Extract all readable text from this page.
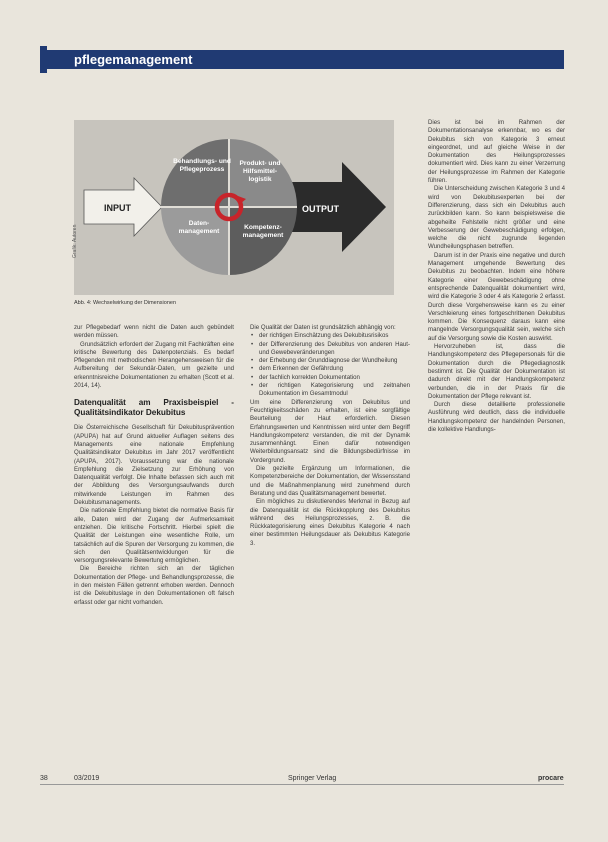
pflegemanagement
INPUT	OUTPUT
Behandlungs- und Pflegeprozess
Produkt- und Hilfsmittel- logistik
Daten- management
Kompetenz- management
Grafik: Autoren
Abb. 4: Wechselwirkung der Dimensionen

zur Pflegebedarf wenn nicht die Daten auch gebündelt werden müssen.

Grundsätzlich erfordert der Zugang mit Fachkräften eine kritische Bewertung des Datenpotenzials. Es bedarf Pflegenden mit methodischen Herangehensweisen für die Aufbereitung der Sekundär-Daten, um gezielte und erkenntnisreiche Dokumentationen zu erhalten (Scott et al. 2014, 14).

Datenqualität am Praxisbeispiel - Qualitätsindikator Dekubitus

Die Österreichische Gesellschaft für Dekubitusprävention (APUPA) hat auf Grund aktueller Auflagen seitens des Managements eine nationale Empfehlung Qualitätsindikator Dekubitus im Jahr 2017 veröffentlicht (APUPA, 2017). Voraussetzung war die nationale Empfehlung die Zielsetzung zur Erhöhung von Datenqualität verfolgt. Die Inhalte befassen sich auch mit der Abbildung des Versorgungsaufwands durch mitwirkende Leistungen im Rahmen des Dekubitusmanagements.

Die nationale Empfehlung bietet die normative Basis für alle, Daten wird der Zugang der Aufmerksamkeit entziehen. Die kritische Fortschritt. Hierbei spielt die Qualität der Leistungen eine wesentliche Rolle, um tatsächlich auf die Spuren der Versorgung zu kommen, die sich den Qualitätsentwicklungen für die versorgungsrelevante Bewertung ermöglichen.

Die Bereiche richten sich an der täglichen Dokumentation der Pflege- und Behandlungsprozesse, die in den meisten Fällen getrennt erhoben werden. Dennoch ist die Dekubituslage in den Dokumentationen oft falsch erfasst oder gar nicht vorhanden.

Die Qualität der Daten ist grundsätzlich abhängig von:

• der richtigen Einschätzung des Dekubitusrisikos
• der Differenzierung des Dekubitus von anderen Haut- und Gewebeveränderungen
• der Erhebung der Grunddiagnose der Wundheilung
• dem Erkennen der Gefährdung
• der fachlich korrekten Dokumentation
• der richtigen Kategorisierung und zeitnahen Dokumentation im Gesamtmodul

Um eine Differenzierung von Dekubitus und Feuchtigkeitsschäden zu erhalten, ist eine sorgfältige Beurteilung der Haut erforderlich. Diesen Erfahrungswerten und Kenntnissen wird unter dem Begriff Handlungskompetenz verstanden, die mit der Dynamik zusammenhängt. Einen dafür notwendigen Weiterbildungsansatz sind die Bildungsbedürfnisse im Vordergrund.

Die gezielte Ergänzung um Informationen, die Kompetenzbereiche der Dokumentation, der Wissensstand und die Maßnahmenplanung wird zunehmend durch Beratung und das Qualitätsmanagement bewertet.

Ein mögliches zu diskutierendes Merkmal in Bezug auf die Datenqualität ist die Rückkopplung des Dekubitus während des Heilungsprozesses, z. B. die Rückkategorisierung eines Dekubitus Kategorie 4 nach einer bestimmten Heilungsdauer als Dekubitus Kategorie 3.

Dies ist bei im Rahmen der Dokumentationsanalyse erkennbar, wo es der Dekubitus sich von Kategorie 3 erneut eingeordnet, und auf gleiche Weise in der Dokumentation des Heilungsprozesses dokumentiert wird. Dies kann zu einer Verzerrung der Heilungsprozesse im Rahmen der Kategorie führen.

Die Unterscheidung zwischen Kategorie 3 und 4 wird von Dekubitusexperten bei der Differenzierung, dass sich ein Dekubitus auch zurückbilden kann. So kann beispielsweise die abgeheilte Fehlstelle nicht größer und eine Verbesserung der Gewebeschädigung erfolgen, welche die nicht zugrunde liegenden Wundheilungsphasen betreffen.

Darum ist in der Praxis eine negative und durch Management umgehende Bewertung des Dekubitus zu beobachten. Indem eine höhere Kategorie einer Gewebeschädigung ohne entsprechende Datenqualität dokumentiert wird, wird die Kategorie 3 oder 4 als Kategorie 2 erfasst. Durch diese Vorgehensweise kann es zu einer Verschleierung eines fortgeschrittenen Dekubitus kommen. Die Konsequenz daraus kann eine mangelnde Versorgungsqualität sein, welche sich auf die Versorgung sowie die Kosten auswirkt.

Hervorzuheben ist, dass die Handlungskompetenz des Pflegepersonals für die Dokumentation durch die Pflegediagnostik bestimmt ist. Die Qualität der Dokumentation ist dadurch direkt mit der Handlungskompetenz verbunden, die in der Praxis für die Dokumentation der Pflege relevant ist.

Durch diese detaillierte professionelle Ausführung wird deutlich, dass die individuelle Handlungskompetenz der handelnden Personen, die kollektive Handlungs-

38	03/2019	Springer Verlag	procare
